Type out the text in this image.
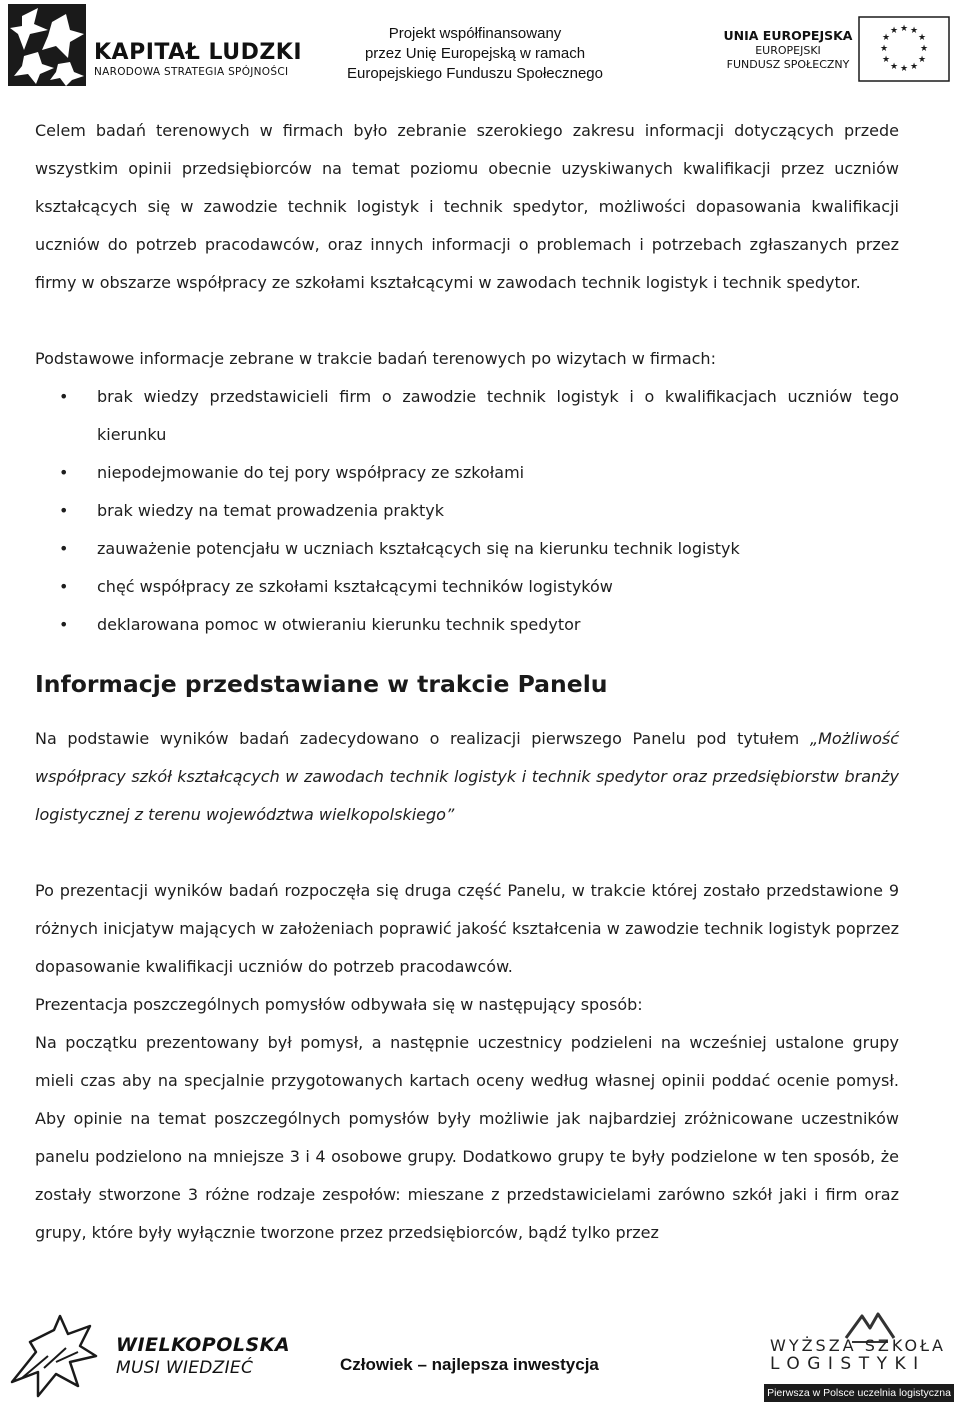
KAPITAŁ LUDZKI
NARODOWA STRATEGIA SPÓJNOŚCI
Projekt współfinansowany
przez Unię Europejską w ramach
Europejskiego Funduszu Społecznego
UNIA EUROPEJSKA
EUROPEJSKI
FUNDUSZ SPOŁECZNY
★ ★
★
★
★
★
★
★
★
★
★
★

Celem badań terenowych w firmach było zebranie szerokiego zakresu informacji dotyczących przede wszystkim opinii przedsiębiorców na temat poziomu obecnie uzyskiwanych kwalifikacji przez uczniów kształcących się w zawodzie technik logistyk i technik spedytor, możliwości dopasowania kwalifikacji uczniów do potrzeb pracodawców, oraz innych informacji o problemach i potrzebach zgłaszanych przez firmy w obszarze współpracy ze szkołami kształcącymi w zawodach technik logistyk i technik spedytor.

Podstawowe informacje zebrane w trakcie badań terenowych po wizytach w firmach:

• brak wiedzy przedstawicieli firm o zawodzie technik logistyk i o kwalifikacjach uczniów tego kierunku
• niepodejmowanie do tej pory współpracy ze szkołami
• brak wiedzy na temat prowadzenia praktyk
• zauważenie potencjału w uczniach kształcących się na kierunku technik logistyk
• chęć współpracy ze szkołami kształcącymi techników logistyków
• deklarowana pomoc w otwieraniu kierunku technik spedytor
Informacje przedstawiane w trakcie Panelu

Na podstawie wyników badań zadecydowano o realizacji pierwszego Panelu pod tytułem „Możliwość współpracy szkół kształcących w zawodach technik logistyk i technik spedytor oraz przedsiębiorstw branży logistycznej z terenu województwa wielkopolskiego”

Po prezentacji wyników badań rozpoczęła się druga część Panelu, w trakcie której zostało przedstawione 9 różnych inicjatyw mających w założeniach poprawić jakość kształcenia w zawodzie technik logistyk poprzez dopasowanie kwalifikacji uczniów do potrzeb pracodawców.

Prezentacja poszczególnych pomysłów odbywała się w następujący sposób:

Na początku prezentowany był pomysł, a następnie uczestnicy podzieleni na wcześniej ustalone grupy mieli czas aby na specjalnie przygotowanych kartach oceny według własnej opinii poddać ocenie pomysł. Aby opinie na temat poszczególnych pomysłów były możliwie jak najbardziej zróżnicowane uczestników panelu podzielono na mniejsze 3 i 4 osobowe grupy. Dodatkowo grupy te były podzielone w ten sposób, że zostały stworzone 3 różne rodzaje zespołów: mieszane z przedstawicielami zarówno szkół jaki i firm oraz grupy, które były wyłącznie tworzone przez przedsiębiorców, bądź tylko przez

WIELKOPOLSKA
MUSI WIEDZIEĆ	Człowiek – najlepsza inwestycja
WYŻSZA SZKOŁA
LOGISTYKI
Pierwsza w Polsce uczelnia logistyczna
